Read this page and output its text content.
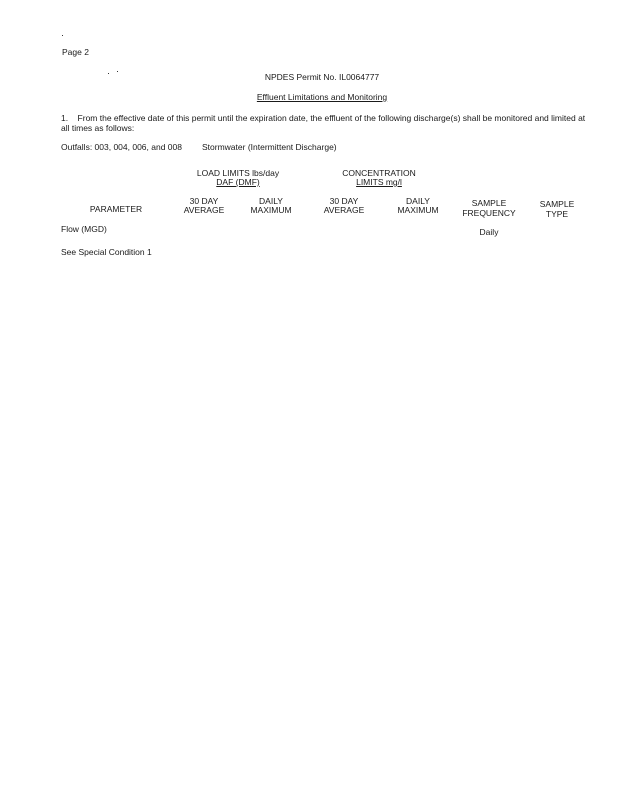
Page 2
NPDES Permit No. IL0064777
Effluent Limitations and Monitoring
1. From the effective date of this permit until the expiration date, the effluent of the following discharge(s) shall be monitored and limited at all times as follows:
Outfalls: 003, 004, 006, and 008 Stormwater (Intermittent Discharge)
LOAD LIMITS lbs/day
DAF (DMF)
CONCENTRATION
LIMITS mg/l
PARAMETER
30 DAY
AVERAGE
DAILY
MAXIMUM
30 DAY
AVERAGE
DAILY
MAXIMUM
SAMPLE
FREQUENCY
SAMPLE
TYPE
Flow (MGD)	Daily
See Special Condition 1
